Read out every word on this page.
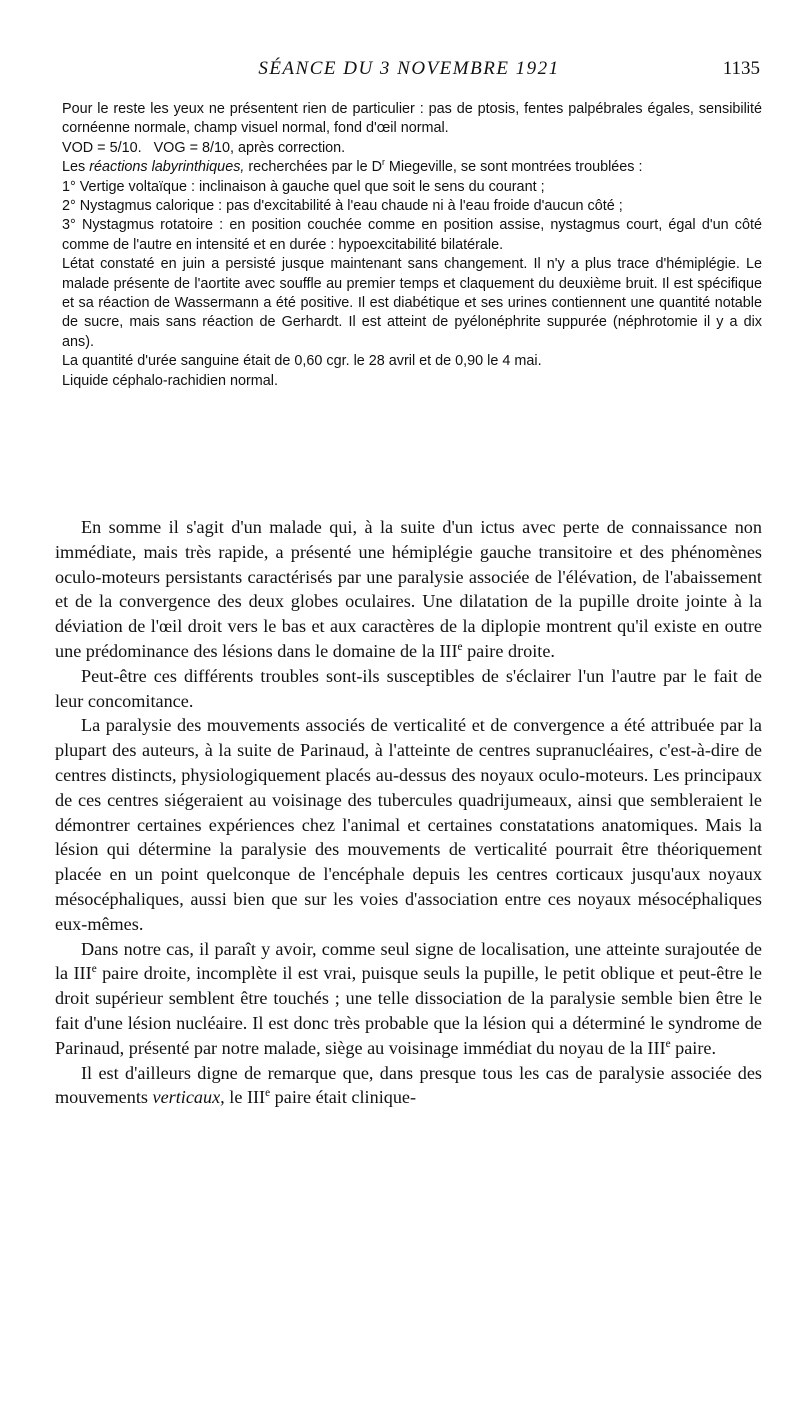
SÉANCE DU 3 NOVEMBRE 1921	1135

Pour le reste les yeux ne présentent rien de particulier : pas de ptosis, fentes palpébrales égales, sensibilité cornéenne normale, champ visuel normal, fond d'œil normal.

VOD = 5/10.   VOG = 8/10, après correction.

Les réactions labyrinthiques, recherchées par le $D^r$ Miegeville, se sont montrées troublées :

1° Vertige voltaïque : inclinaison à gauche quel que soit le sens du courant ;

2° Nystagmus calorique : pas d'excitabilité à l'eau chaude ni à l'eau froide d'aucun côté ;

3° Nystagmus rotatoire : en position couchée comme en position assise, nystagmus court, égal d'un côté comme de l'autre en intensité et en durée : hypoexcitabilité bilatérale.

Létat constaté en juin a persisté jusque maintenant sans changement. Il n'y a plus trace d'hémiplégie. Le malade présente de l'aortite avec souffle au premier temps et claquement du deuxième bruit. Il est spécifique et sa réaction de Wassermann a été positive. Il est diabétique et ses urines contiennent une quantité notable de sucre, mais sans réaction de Gerhardt. Il est atteint de pyélonéphrite suppurée (néphrotomie il y a dix ans).

La quantité d'urée sanguine était de 0,60 cgr. le 28 avril et de 0,90 le 4 mai.

Liquide céphalo-rachidien normal.

En somme il s'agit d'un malade qui, à la suite d'un ictus avec perte de connaissance non immédiate, mais très rapide, a présenté une hémiplégie gauche transitoire et des phénomènes oculo-moteurs persistants caractérisés par une paralysie associée de l'élévation, de l'abaissement et de la convergence des deux globes oculaires. Une dilatation de la pupille droite jointe à la déviation de l'œil droit vers le bas et aux caractères de la diplopie montrent qu'il existe en outre une prédominance des lésions dans le domaine de la IIIe paire droite.

Peut-être ces différents troubles sont-ils susceptibles de s'éclairer l'un l'autre par le fait de leur concomitance.

La paralysie des mouvements associés de verticalité et de convergence a été attribuée par la plupart des auteurs, à la suite de Parinaud, à l'atteinte de centres supranucléaires, c'est-à-dire de centres distincts, physiologiquement placés au-dessus des noyaux oculo-moteurs. Les principaux de ces centres siégeraient au voisinage des tubercules quadrijumeaux, ainsi que sembleraient le démontrer certaines expériences chez l'animal et certaines constatations anatomiques. Mais la lésion qui détermine la paralysie des mouvements de verticalité pourrait être théoriquement placée en un point quelconque de l'encéphale depuis les centres corticaux jusqu'aux noyaux mésocéphaliques, aussi bien que sur les voies d'association entre ces noyaux mésocéphaliques eux-mêmes.

Dans notre cas, il paraît y avoir, comme seul signe de localisation, une atteinte surajoutée de la IIIe paire droite, incomplète il est vrai, puisque seuls la pupille, le petit oblique et peut-être le droit supérieur semblent être touchés ; une telle dissociation de la paralysie semble bien être le fait d'une lésion nucléaire. Il est donc très probable que la lésion qui a déterminé le syndrome de Parinaud, présenté par notre malade, siège au voisinage immédiat du noyau de la IIIe paire.

Il est d'ailleurs digne de remarque que, dans presque tous les cas de paralysie associée des mouvements verticaux, le IIIe paire était clinique-
